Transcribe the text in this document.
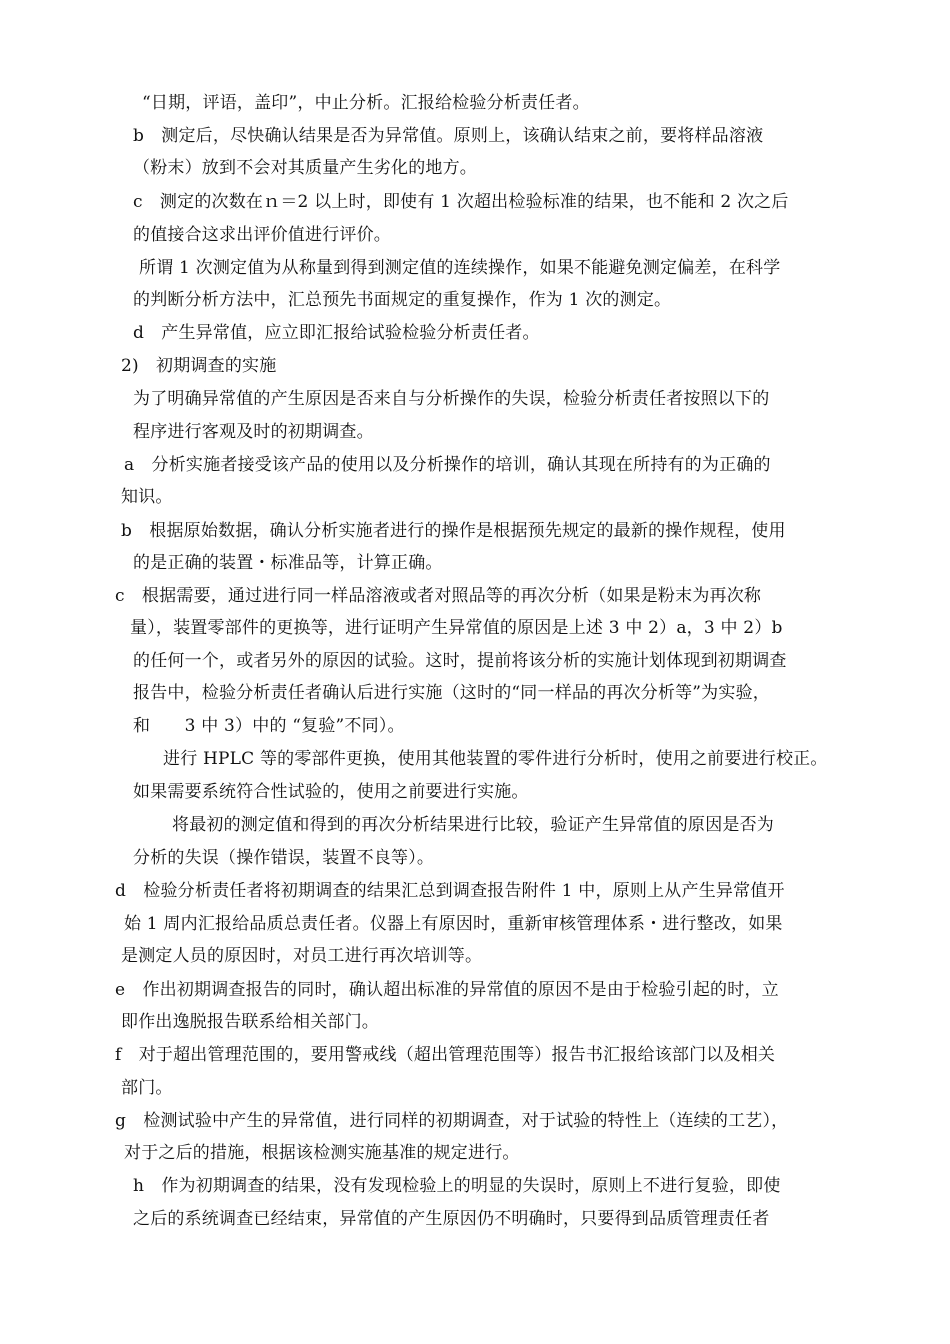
“日期，评语，盖印”，中止分析。汇报给检验分析责任者。
b　测定后，尽快确认结果是否为异常值。原则上，该确认结束之前，要将样品溶液
（粉末）放到不会对其质量产生劣化的地方。
c　测定的次数在ｎ＝2 以上时，即使有 1 次超出检验标准的结果，也不能和 2 次之后
的值接合这求出评价值进行评价。
所谓 1 次测定值为从称量到得到测定值的连续操作，如果不能避免测定偏差，在科学
的判断分析方法中，汇总预先书面规定的重复操作，作为 1 次的测定。
d　产生异常值，应立即汇报给试验检验分析责任者。
2)　初期调查的实施
为了明确异常值的产生原因是否来自与分析操作的失误，检验分析责任者按照以下的
程序进行客观及时的初期调查。
a　分析实施者接受该产品的使用以及分析操作的培训，确认其现在所持有的为正确的
知识。
b　根据原始数据，确认分析实施者进行的操作是根据预先规定的最新的操作规程，使用
的是正确的装置・标准品等，计算正确。
c　根据需要，通过进行同一样品溶液或者对照品等的再次分析（如果是粉末为再次称
量），装置零部件的更换等，进行证明产生异常值的原因是上述 3 中 2）a，3 中 2）b
的任何一个，或者另外的原因的试验。这时，提前将该分析的实施计划体现到初期调查
报告中，检验分析责任者确认后进行实施（这时的“同一样品的再次分析等”为实验，
和　　3 中 3）中的 “复验”不同）。
进行 HPLC 等的零部件更换，使用其他装置的零件进行分析时，使用之前要进行校正。
如果需要系统符合性试验的，使用之前要进行实施。
将最初的测定值和得到的再次分析结果进行比较，验证产生异常值的原因是否为
分析的失误（操作错误，装置不良等）。
d　检验分析责任者将初期调查的结果汇总到调查报告附件 1 中，原则上从产生异常值开
始 1 周内汇报给品质总责任者。仪器上有原因时，重新审核管理体系・进行整改，如果
是测定人员的原因时，对员工进行再次培训等。
e　作出初期调查报告的同时，确认超出标准的异常值的原因不是由于检验引起的时，立
即作出逸脱报告联系给相关部门。
f　对于超出管理范围的，要用警戒线（超出管理范围等）报告书汇报给该部门以及相关
部门。
g　检测试验中产生的异常值，进行同样的初期调查，对于试验的特性上（连续的工艺），
对于之后的措施，根据该检测实施基准的规定进行。
h　作为初期调查的结果，没有发现检验上的明显的失误时，原则上不进行复验，即使
之后的系统调查已经结束，异常值的产生原因仍不明确时，只要得到品质管理责任者
